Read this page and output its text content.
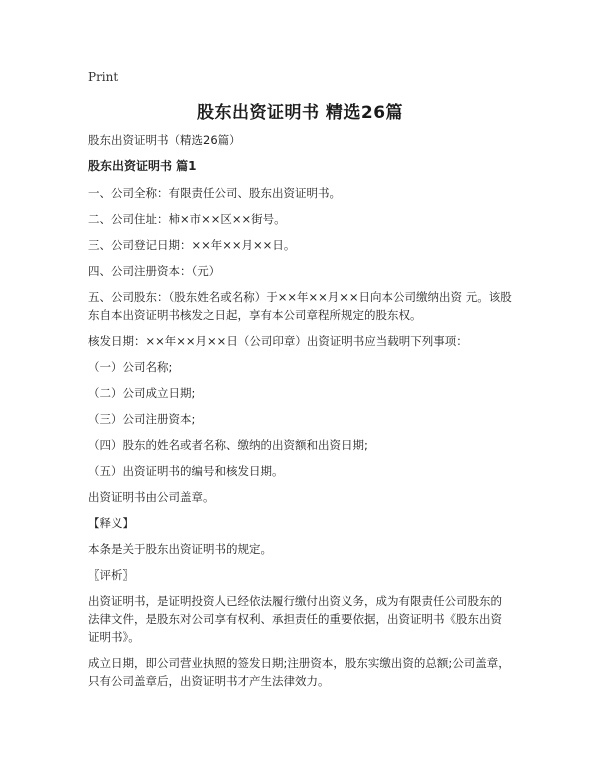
Print
股东出资证明书 精选26篇

股东出资证明书（精选26篇）

股东出资证明书 篇1

一、公司全称：有限责任公司、股东出资证明书。

二、公司住址：柿×市××区××街号。

三、公司登记日期：××年××月××日。

四、公司注册资本：（元）

五、公司股东：（股东姓名或名称）于××年××月××日向本公司缴纳出资 元。该股东自本出资证明书核发之日起，享有本公司章程所规定的股东权。

核发日期：××年××月××日（公司印章）出资证明书应当载明下列事项：

（一）公司名称;

（二）公司成立日期;

（三）公司注册资本;

（四）股东的姓名或者名称、缴纳的出资额和出资日期;

（五）出资证明书的编号和核发日期。

出资证明书由公司盖章。

【释义】

本条是关于股东出资证明书的规定。

〖评析〗

出资证明书，是证明投资人已经依法履行缴付出资义务，成为有限责任公司股东的法律文件，是股东对公司享有权利、承担责任的重要依据，出资证明书《股东出资证明书》。

成立日期，即公司营业执照的签发日期;注册资本，股东实缴出资的总额;公司盖章，只有公司盖章后，出资证明书才产生法律效力。
